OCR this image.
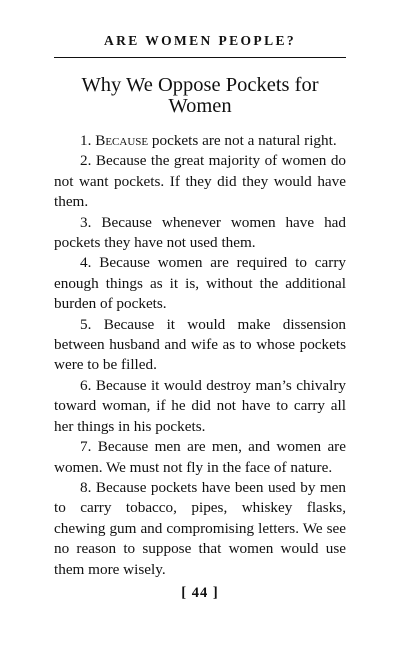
ARE WOMEN PEOPLE?
Why We Oppose Pockets for Women

1. Because pockets are not a natural right.

2. Because the great majority of women do not want pockets. If they did they would have them.

3. Because whenever women have had pockets they have not used them.

4. Because women are required to carry enough things as it is, without the additional burden of pockets.

5. Because it would make dissension between husband and wife as to whose pockets were to be filled.

6. Because it would destroy man’s chivalry toward woman, if he did not have to carry all her things in his pockets.

7. Because men are men, and women are women. We must not fly in the face of nature.

8. Because pockets have been used by men to carry tobacco, pipes, whiskey flasks, chewing gum and compromising letters. We see no reason to suppose that women would use them more wisely.

[ 44 ]
